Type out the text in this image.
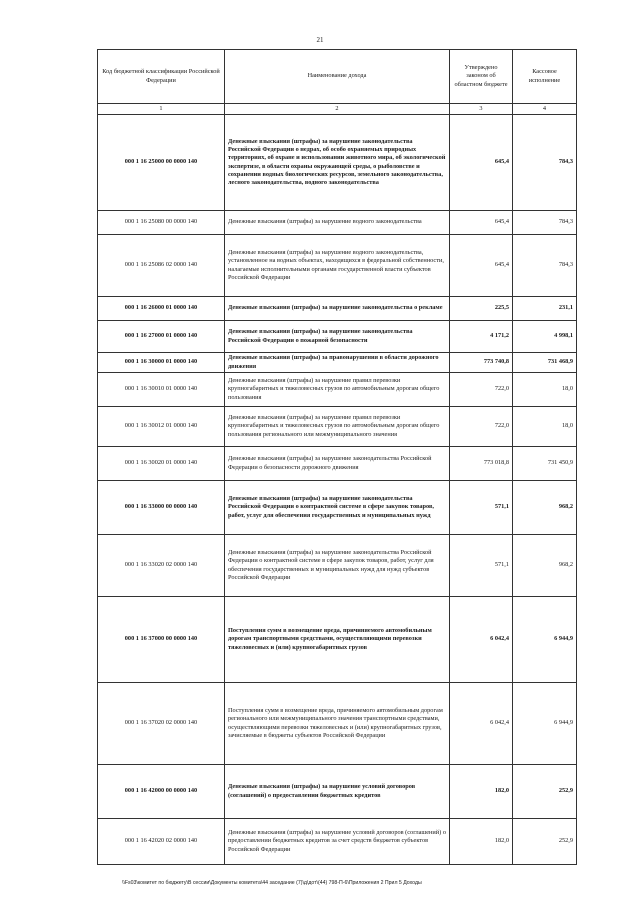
21
Код бюджетной классификации Российской Федерации	Наименование дохода	Утверждено законом об областном бюджете	Кассовое исполнение
1	2	3	4
000 1 16 25000 00 0000 140	Денежные взыскания (штрафы) за нарушение законодательства Российской Федерации о недрах, об особо охраняемых природных территориях, об охране и использовании животного мира, об экологической экспертизе, в области охраны окружающей среды, о рыболовстве и сохранении водных биологических ресурсов, земельного законодательства, лесного законодательства, водного законодательства	645,4	784,3
000 1 16 25080 00 0000 140	Денежные взыскания (штрафы) за нарушение водного законодательства	645,4	784,3
000 1 16 25086 02 0000 140	Денежные взыскания (штрафы) за нарушение водного законодательства, установленное на водных объектах, находящихся в федеральной собственности, налагаемые исполнительными органами государственной власти субъектов Российской Федерации	645,4	784,3
000 1 16 26000 01 0000 140	Денежные взыскания (штрафы) за нарушение законодательства о рекламе	225,5	231,1
000 1 16 27000 01 0000 140	Денежные взыскания (штрафы) за нарушение законодательства Российской Федерации о пожарной безопасности	4 171,2	4 998,1
000 1 16 30000 01 0000 140	Денежные взыскания (штрафы) за правонарушения в области дорожного движения	773 740,8	731 468,9
000 1 16 30010 01 0000 140	Денежные взыскания (штрафы) за нарушение правил перевозки крупногабаритных и тяжеловесных грузов по автомобильным дорогам общего пользования	722,0	18,0
000 1 16 30012 01 0000 140	Денежные взыскания (штрафы) за нарушение правил перевозки крупногабаритных и тяжеловесных грузов по автомобильным дорогам общего пользования регионального или межмуниципального значения	722,0	18,0
000 1 16 30020 01 0000 140	Денежные взыскания (штрафы) за нарушение законодательства Российской Федерации о безопасности дорожного движения	773 018,8	731 450,9
000 1 16 33000 00 0000 140	Денежные взыскания (штрафы) за нарушение законодательства Российской Федерации о контрактной системе в сфере закупок товаров, работ, услуг для обеспечения государственных и муниципальных нужд	571,1	968,2
000 1 16 33020 02 0000 140	Денежные взыскания (штрафы) за нарушение законодательства Российской Федерации о контрактной системе в сфере закупок товаров, работ, услуг для обеспечения государственных и муниципальных нужд для нужд субъектов Российской Федерации	571,1	968,2
000 1 16 37000 00 0000 140	Поступления сумм в возмещение вреда, причиняемого автомобильным дорогам транспортными средствами, осуществляющими перевозки тяжеловесных и (или) крупногабаритных грузов	6 042,4	6 944,9
000 1 16 37020 02 0000 140	Поступления сумм в возмещение вреда, причиняемого автомобильным дорогам регионального или межмуниципального значения транспортными средствами, осуществляющими перевозки тяжеловесных и (или) крупногабаритных грузов, зачисляемые в бюджеты субъектов Российской Федерации	6 042,4	6 944,9
000 1 16 42000 00 0000 140	Денежные взыскания (штрафы) за нарушение условий договоров (соглашений) о предоставлении бюджетных кредитов	182,0	252,9
000 1 16 42020 02 0000 140	Денежные взыскания (штрафы) за нарушение условий договоров (соглашений) о предоставлении бюджетных кредитов за счет средств бюджетов субъектов Российской Федерации	182,0	252,9
\\Fs03\комитет по бюджету\В сессии\Документы комитета\44 заседание (7)\д\дот\(44) 798-П-6\Приложения 2 Прил 5 Доходы
